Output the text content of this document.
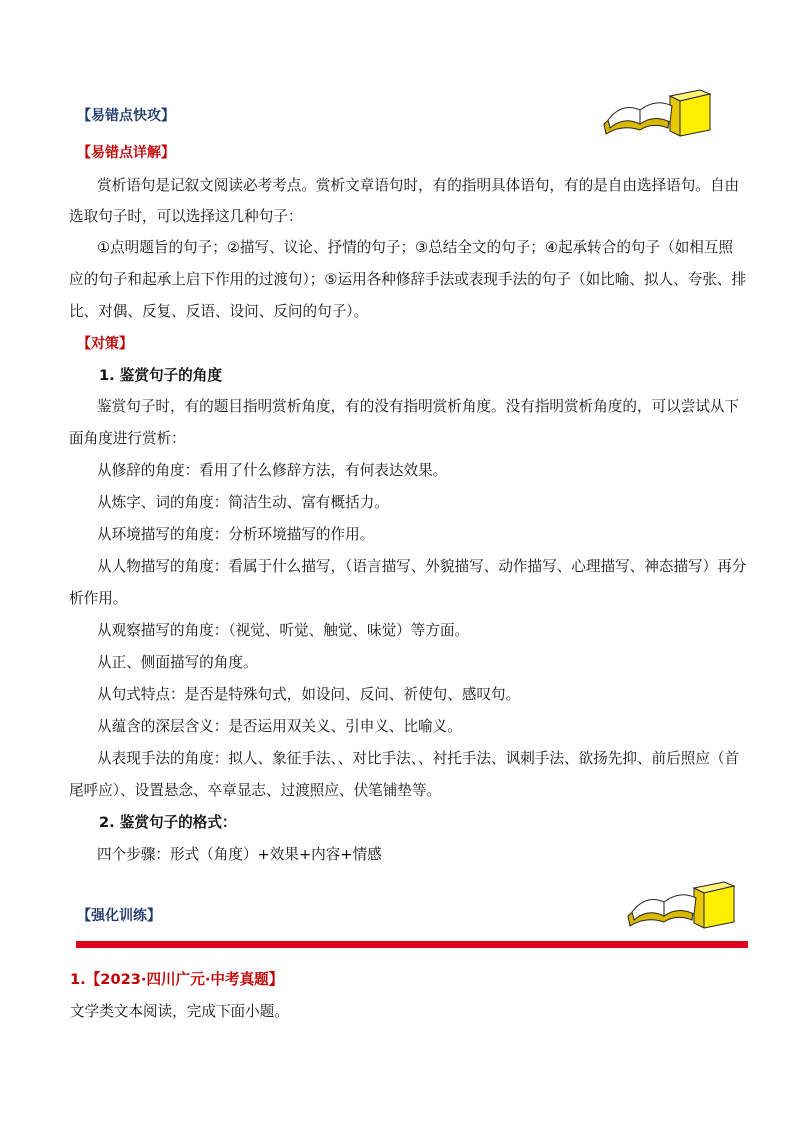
【易错点快攻】
【易错点详解】
赏析语句是记叙文阅读必考考点。赏析文章语句时，有的指明具体语句，有的是自由选择语句。自由
选取句子时，可以选择这几种句子：
①点明题旨的句子；②描写、议论、抒情的句子；③总结全文的句子；④起承转合的句子（如相互照
应的句子和起承上启下作用的过渡句）；⑤运用各种修辞手法或表现手法的句子（如比喻、拟人、夸张、排
比、对偶、反复、反语、设问、反问的句子）。
【对策】
1. 鉴赏句子的角度
鉴赏句子时，有的题目指明赏析角度，有的没有指明赏析角度。没有指明赏析角度的，可以尝试从下
面角度进行赏析：
从修辞的角度：看用了什么修辞方法，有何表达效果。
从炼字、词的角度：简洁生动、富有概括力。
从环境描写的角度：分析环境描写的作用。
从人物描写的角度：看属于什么描写，（语言描写、外貌描写、动作描写、心理描写、神态描写）再分
析作用。
从观察描写的角度：（视觉、听觉、触觉、味觉）等方面。
从正、侧面描写的角度。
从句式特点：是否是特殊句式，如设问、反问、祈使句、感叹句。
从蕴含的深层含义：是否运用双关义、引申义、比喻义。
从表现手法的角度：拟人、象征手法、、对比手法、、衬托手法、讽刺手法、欲扬先抑、前后照应（首
尾呼应）、设置悬念、卒章显志、过渡照应、伏笔铺垫等。
2. 鉴赏句子的格式：
四个步骤：形式（角度）+效果+内容+情感
【强化训练】
1.【2023·四川广元·中考真题】
文学类文本阅读，完成下面小题。
